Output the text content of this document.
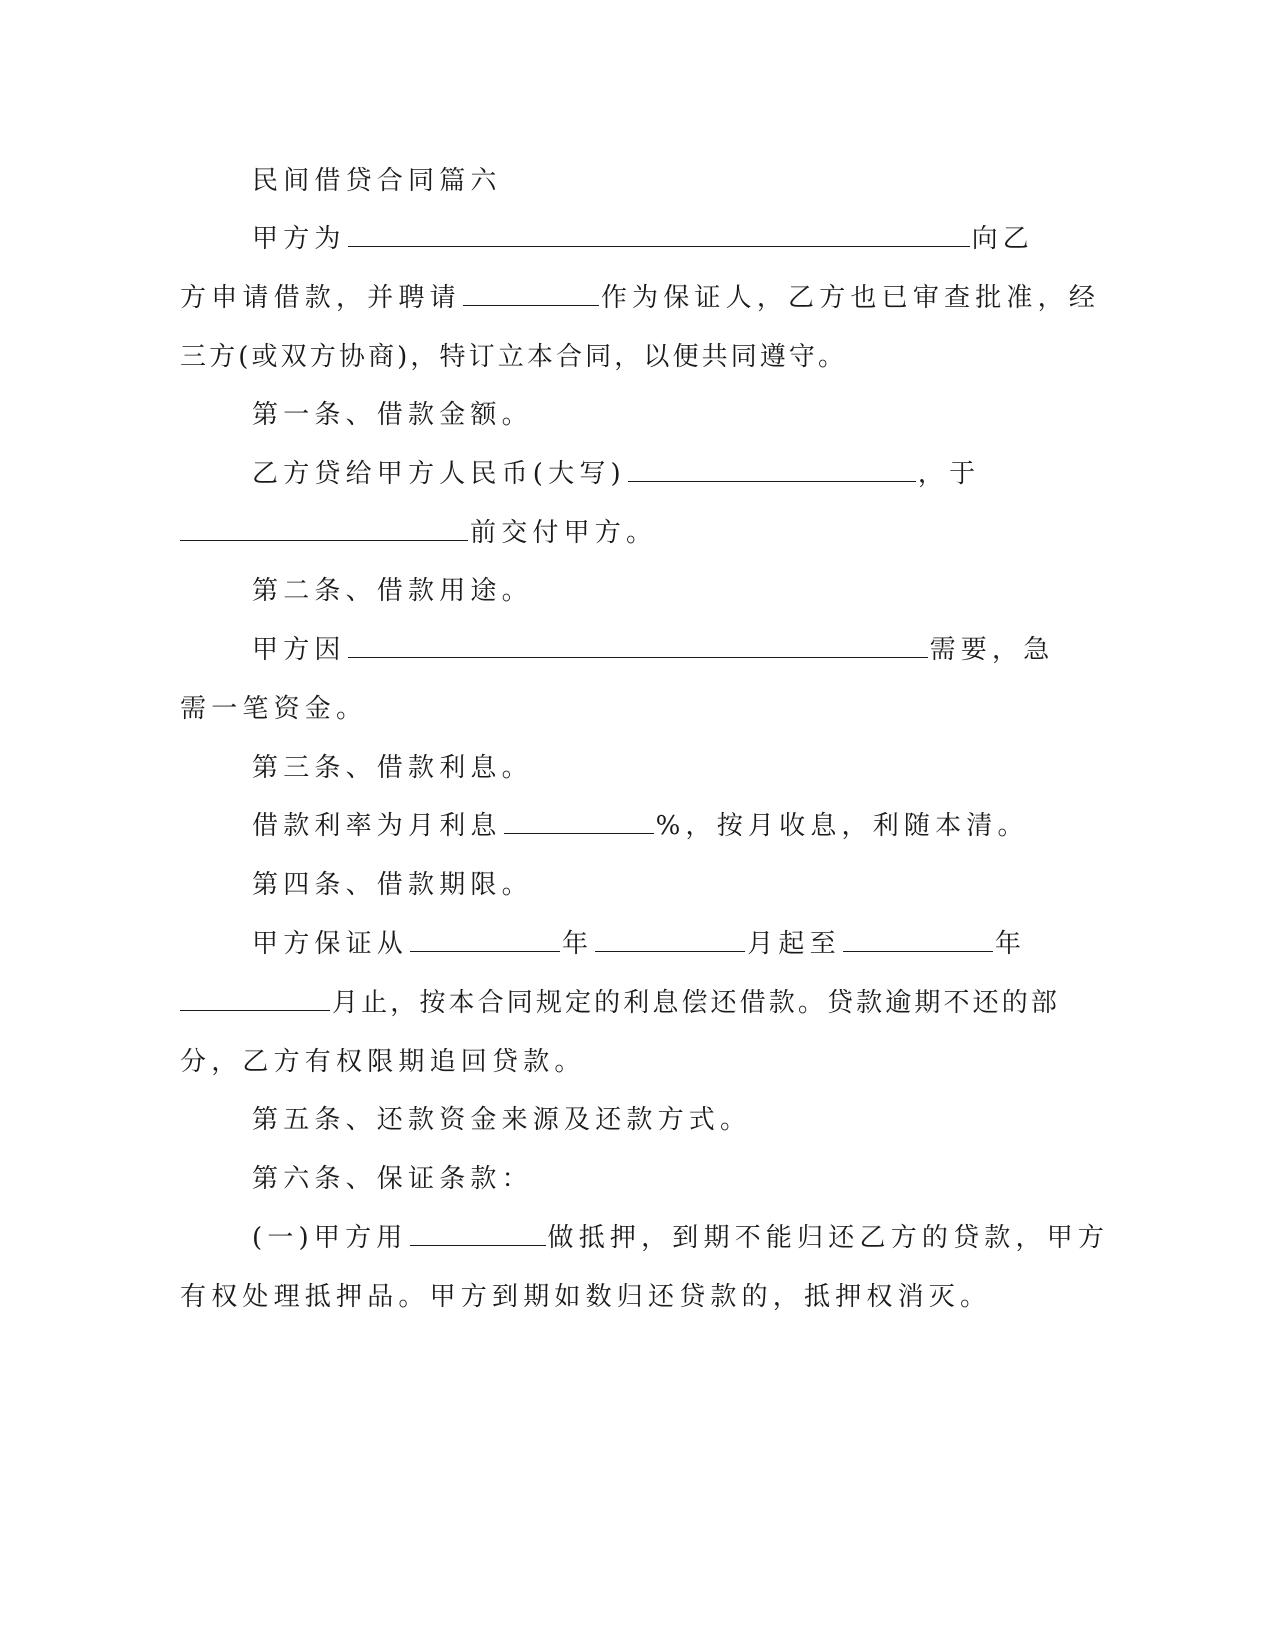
民间借贷合同篇六
甲方为	向乙
方申请借款，并聘请	作为保证人，乙方也已审查批准，经
三方(或双方协商)，特订立本合同，以便共同遵守。
第一条、借款金额。
乙方贷给甲方人民币(大写)	，于
前交付甲方。
第二条、借款用途。
甲方因	需要，急
需一笔资金。
第三条、借款利息。
借款利率为月利息	%，按月收息，利随本清。
第四条、借款期限。
甲方保证从	年	月起至	年
月止，按本合同规定的利息偿还借款。贷款逾期不还的部
分，乙方有权限期追回贷款。
第五条、还款资金来源及还款方式。
第六条、保证条款：
(一)甲方用	做抵押，到期不能归还乙方的贷款，甲方
有权处理抵押品。甲方到期如数归还贷款的，抵押权消灭。
